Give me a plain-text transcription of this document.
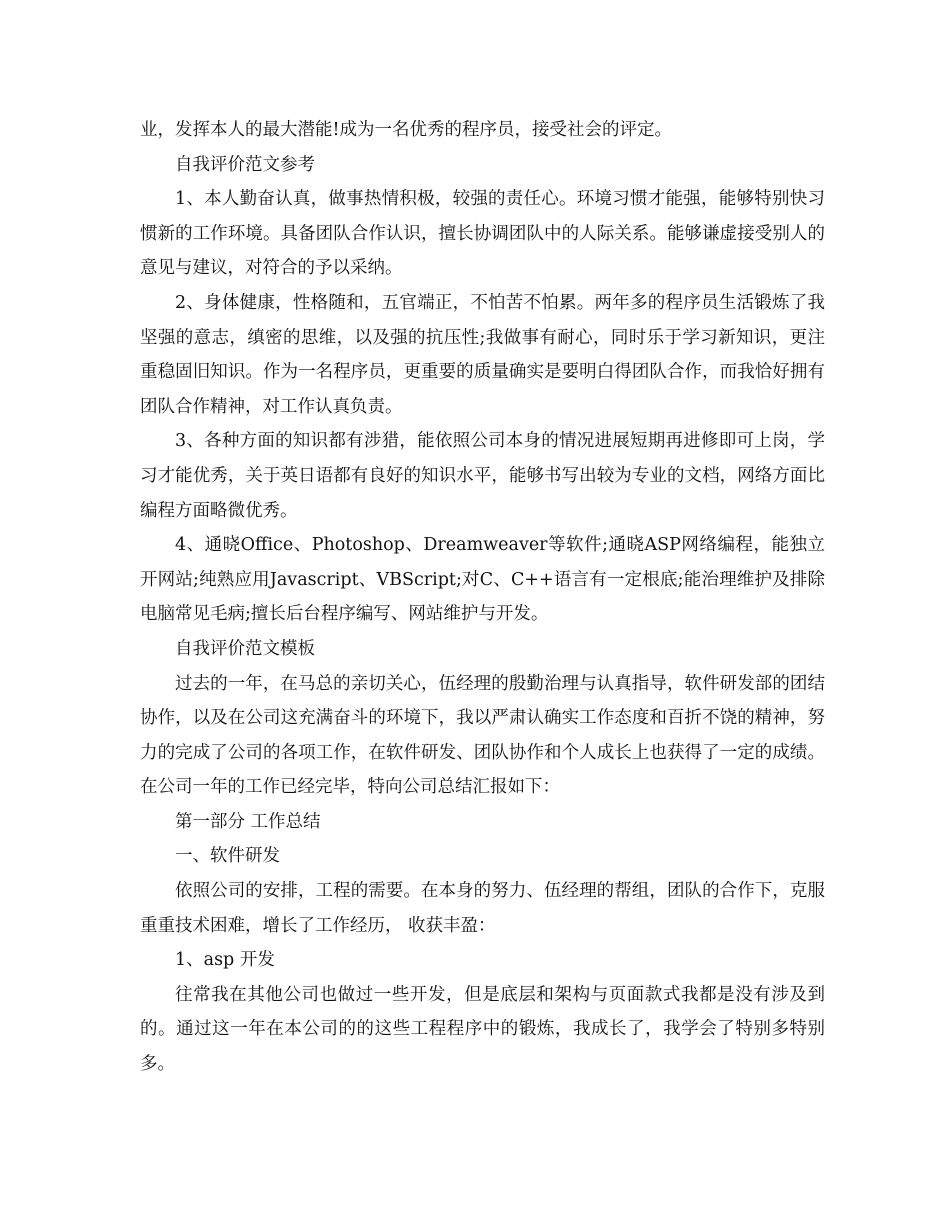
业，发挥本人的最大潜能!成为一名优秀的程序员，接受社会的评定。

自我评价范文参考

1、本人勤奋认真，做事热情积极，较强的责任心。环境习惯才能强，能够特别快习惯新的工作环境。具备团队合作认识，擅长协调团队中的人际关系。能够谦虚接受别人的意见与建议，对符合的予以采纳。

2、身体健康，性格随和，五官端正，不怕苦不怕累。两年多的程序员生活锻炼了我坚强的意志，缜密的思维，以及强的抗压性;我做事有耐心，同时乐于学习新知识，更注重稳固旧知识。作为一名程序员，更重要的质量确实是要明白得团队合作，而我恰好拥有团队合作精神，对工作认真负责。

3、各种方面的知识都有涉猎，能依照公司本身的情况进展短期再进修即可上岗，学习才能优秀，关于英日语都有良好的知识水平，能够书写出较为专业的文档，网络方面比编程方面略微优秀。

4、通晓Office、Photoshop、Dreamweaver等软件;通晓ASP网络编程，能独立开网站;纯熟应用Javascript、VBScript;对C、C++语言有一定根底;能治理维护及排除电脑常见毛病;擅长后台程序编写、网站维护与开发。

自我评价范文模板

过去的一年，在马总的亲切关心，伍经理的殷勤治理与认真指导，软件研发部的团结协作，以及在公司这充满奋斗的环境下，我以严肃认确实工作态度和百折不饶的精神，努力的完成了公司的各项工作，在软件研发、团队协作和个人成长上也获得了一定的成绩。在公司一年的工作已经完毕，特向公司总结汇报如下：

第一部分 工作总结

一、软件研发

依照公司的安排，工程的需要。在本身的努力、伍经理的帮组，团队的合作下，克服重重技术困难，增长了工作经历， 收获丰盈：

1、asp 开发

往常我在其他公司也做过一些开发，但是底层和架构与页面款式我都是没有涉及到的。通过这一年在本公司的的这些工程程序中的锻炼，我成长了，我学会了特别多特别多。
